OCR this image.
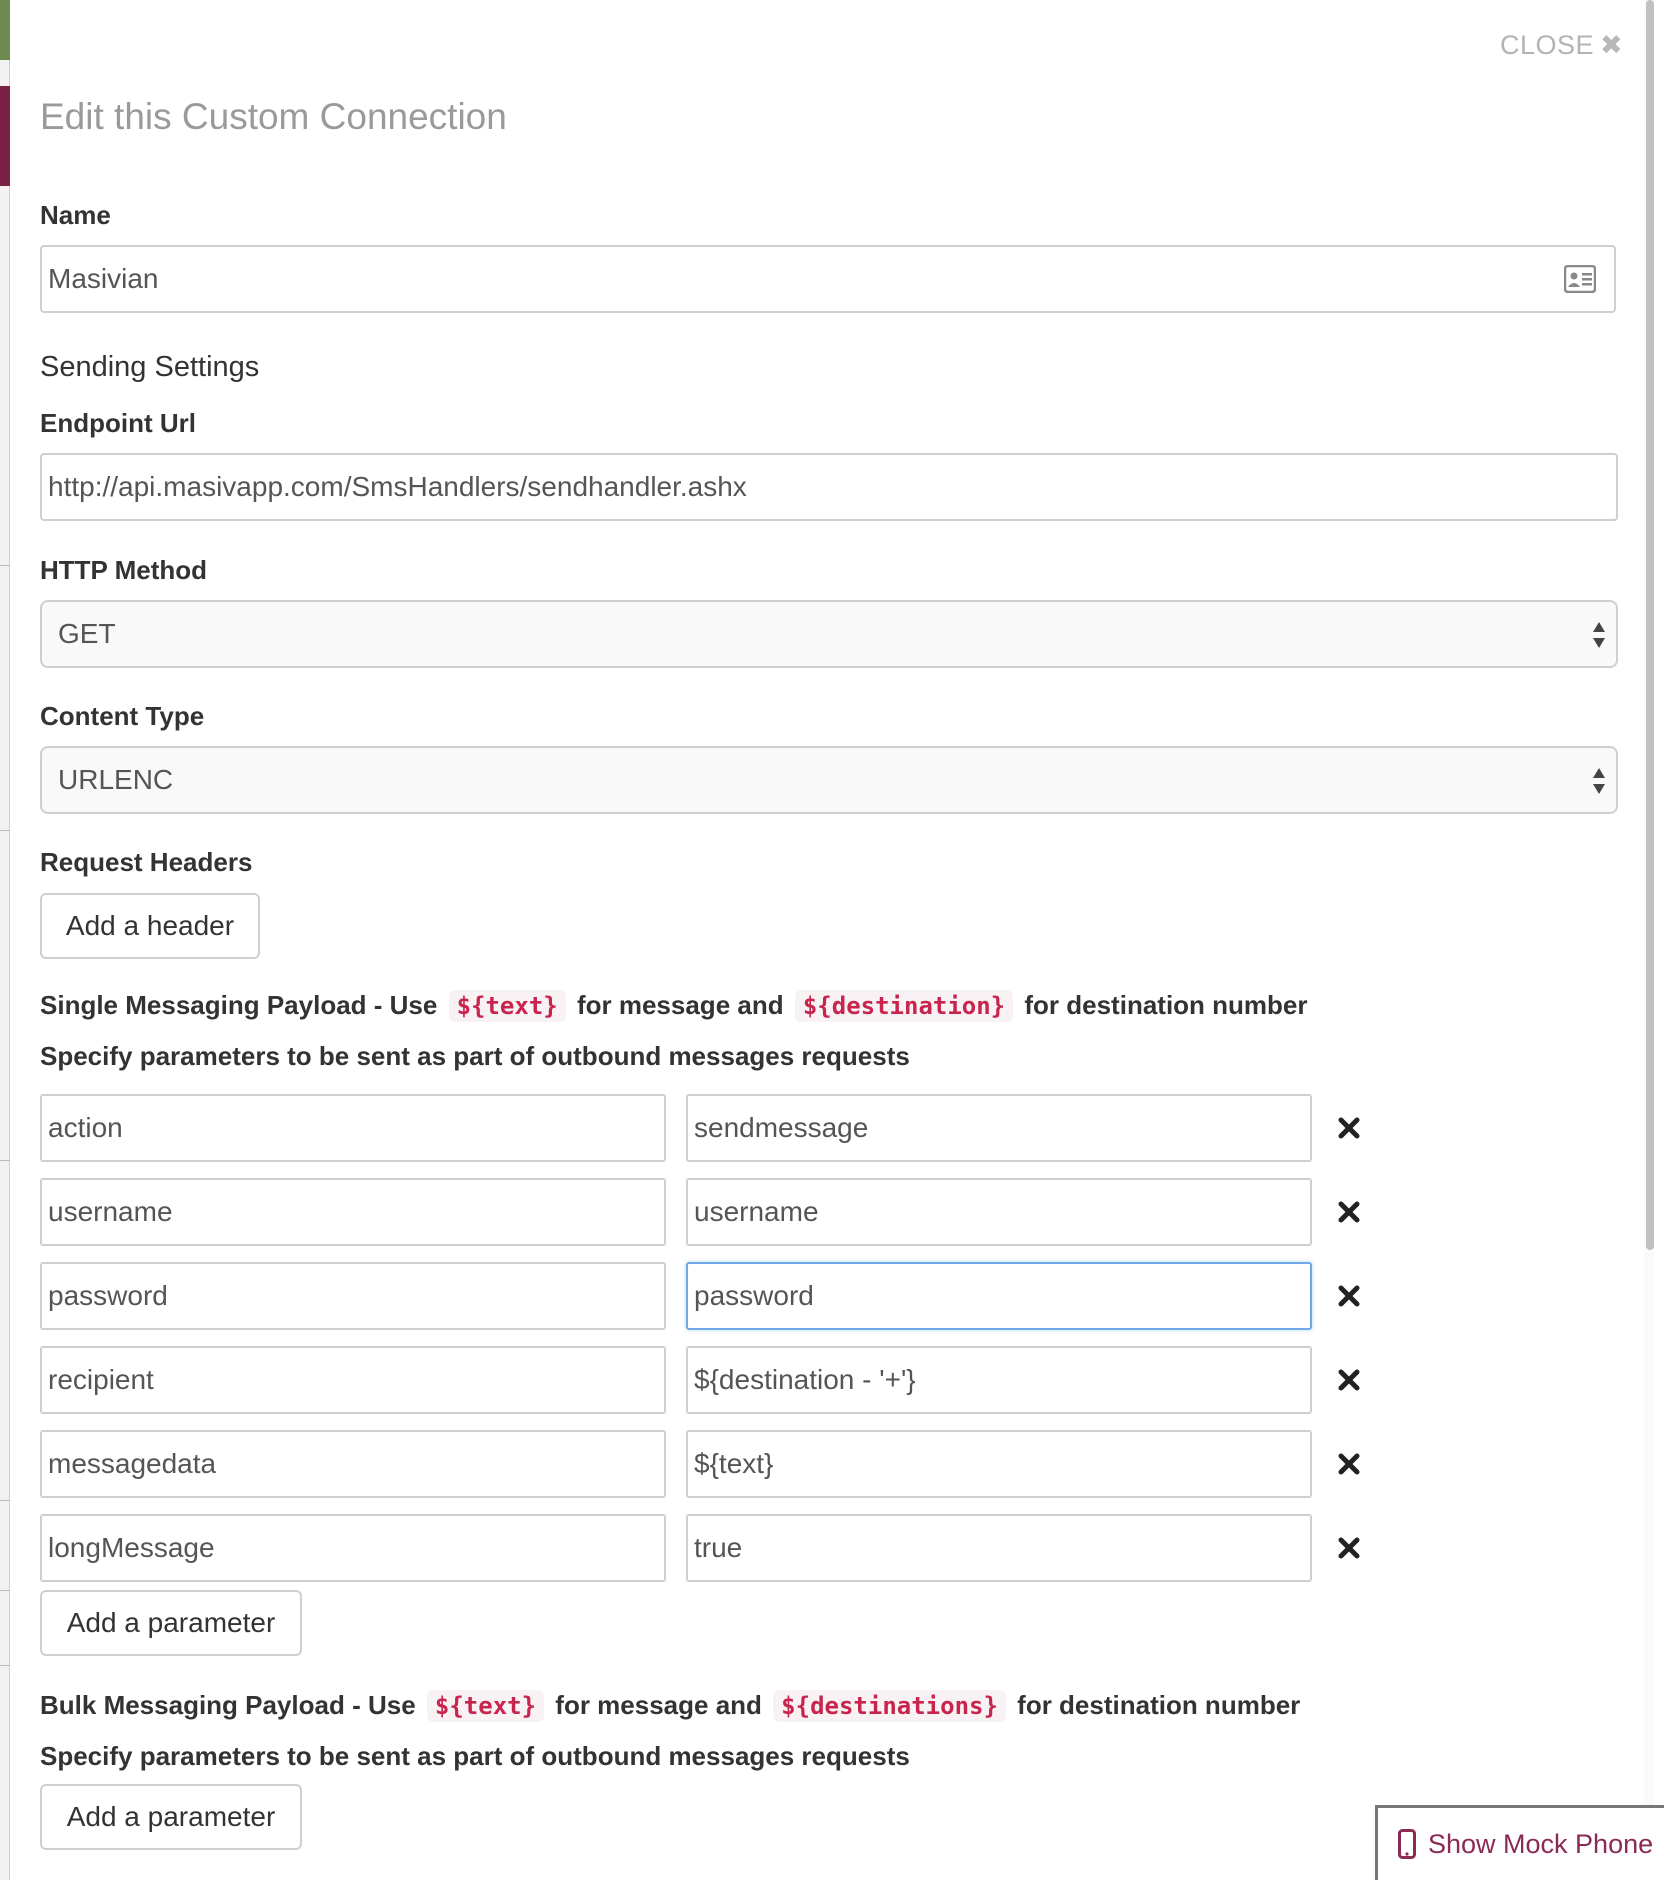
CLOSE ✖
Edit this Custom Connection
Name
Masivian
Sending Settings
Endpoint Url
http://api.masivapp.com/SmsHandlers/sendhandler.ashx
HTTP Method
GET
Content Type
URLENC
Request Headers
Add a header
Single Messaging Payload - Use ${text} for message and ${destination} for destination number
Specify parameters to be sent as part of outbound messages requests
action	sendmessage
username	username
password	password
recipient	${destination - '+'}
messagedata	${text}
longMessage	true
Add a parameter
Bulk Messaging Payload - Use ${text} for message and ${destinations} for destination number
Specify parameters to be sent as part of outbound messages requests
Add a parameter
Show Mock Phone
